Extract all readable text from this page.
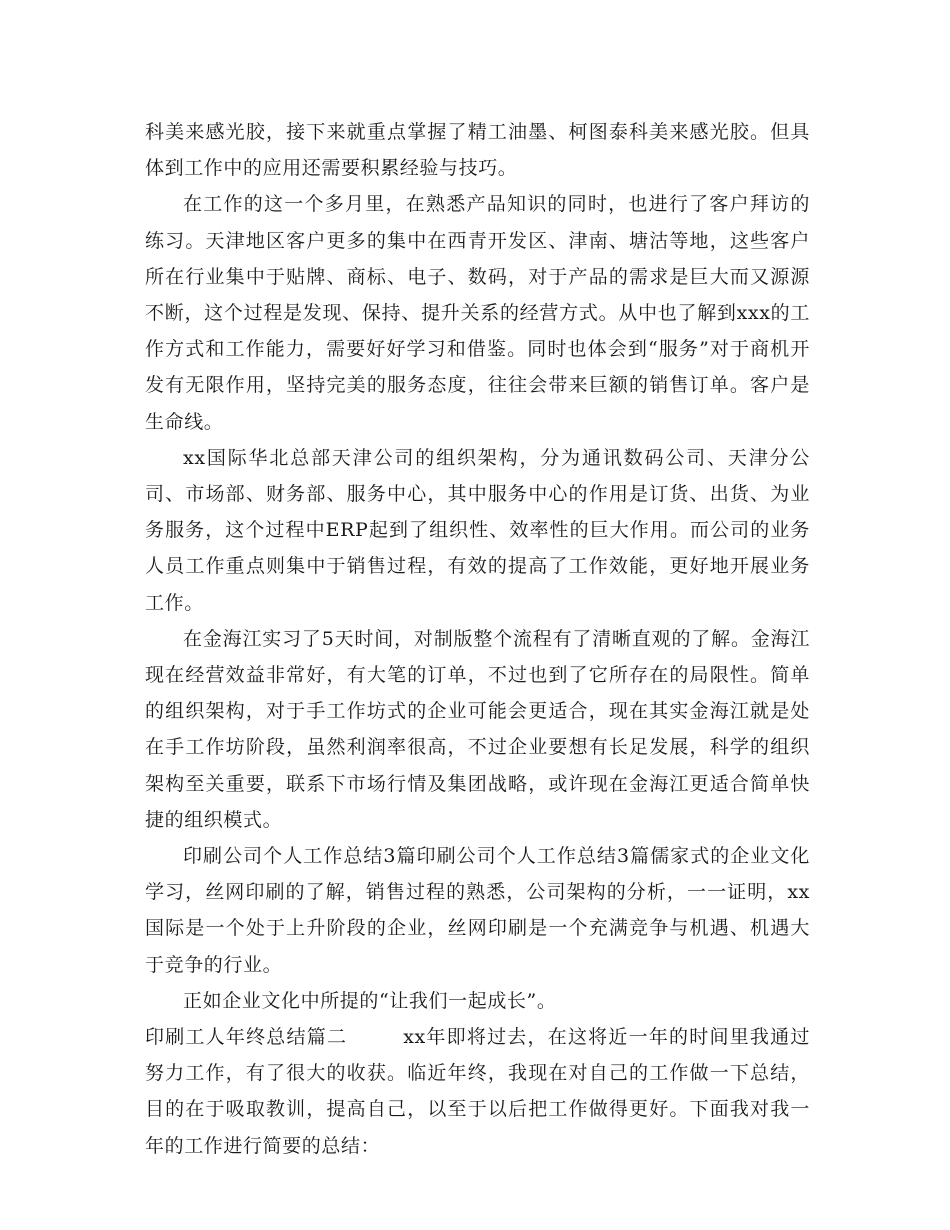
科美来感光胶，接下来就重点掌握了精工油墨、柯图泰科美来感光胶。但具体到工作中的应用还需要积累经验与技巧。

在工作的这一个多月里，在熟悉产品知识的同时，也进行了客户拜访的练习。天津地区客户更多的集中在西青开发区、津南、塘沽等地，这些客户所在行业集中于贴牌、商标、电子、数码，对于产品的需求是巨大而又源源不断，这个过程是发现、保持、提升关系的经营方式。从中也了解到xxx的工作方式和工作能力，需要好好学习和借鉴。同时也体会到“服务”对于商机开发有无限作用，坚持完美的服务态度，往往会带来巨额的销售订单。客户是生命线。

xx国际华北总部天津公司的组织架构，分为通讯数码公司、天津分公司、市场部、财务部、服务中心，其中服务中心的作用是订货、出货、为业务服务，这个过程中ERP起到了组织性、效率性的巨大作用。而公司的业务人员工作重点则集中于销售过程，有效的提高了工作效能，更好地开展业务工作。

在金海江实习了5天时间，对制版整个流程有了清晰直观的了解。金海江现在经营效益非常好，有大笔的订单，不过也到了它所存在的局限性。简单的组织架构，对于手工作坊式的企业可能会更适合，现在其实金海江就是处在手工作坊阶段，虽然利润率很高，不过企业要想有长足发展，科学的组织架构至关重要，联系下市场行情及集团战略，或许现在金海江更适合简单快捷的组织模式。

印刷公司个人工作总结3篇印刷公司个人工作总结3篇儒家式的企业文化学习，丝网印刷的了解，销售过程的熟悉，公司架构的分析，一一证明，xx国际是一个处于上升阶段的企业，丝网印刷是一个充满竞争与机遇、机遇大于竞争的行业。

正如企业文化中所提的“让我们一起成长”。

印刷工人年终总结篇二	xx年即将过去，在这将近一年的时间里我通过努力工作，有了很大的收获。临近年终，我现在对自己的工作做一下总结，目的在于吸取教训，提高自己，以至于以后把工作做得更好。下面我对我一年的工作进行简要的总结：
